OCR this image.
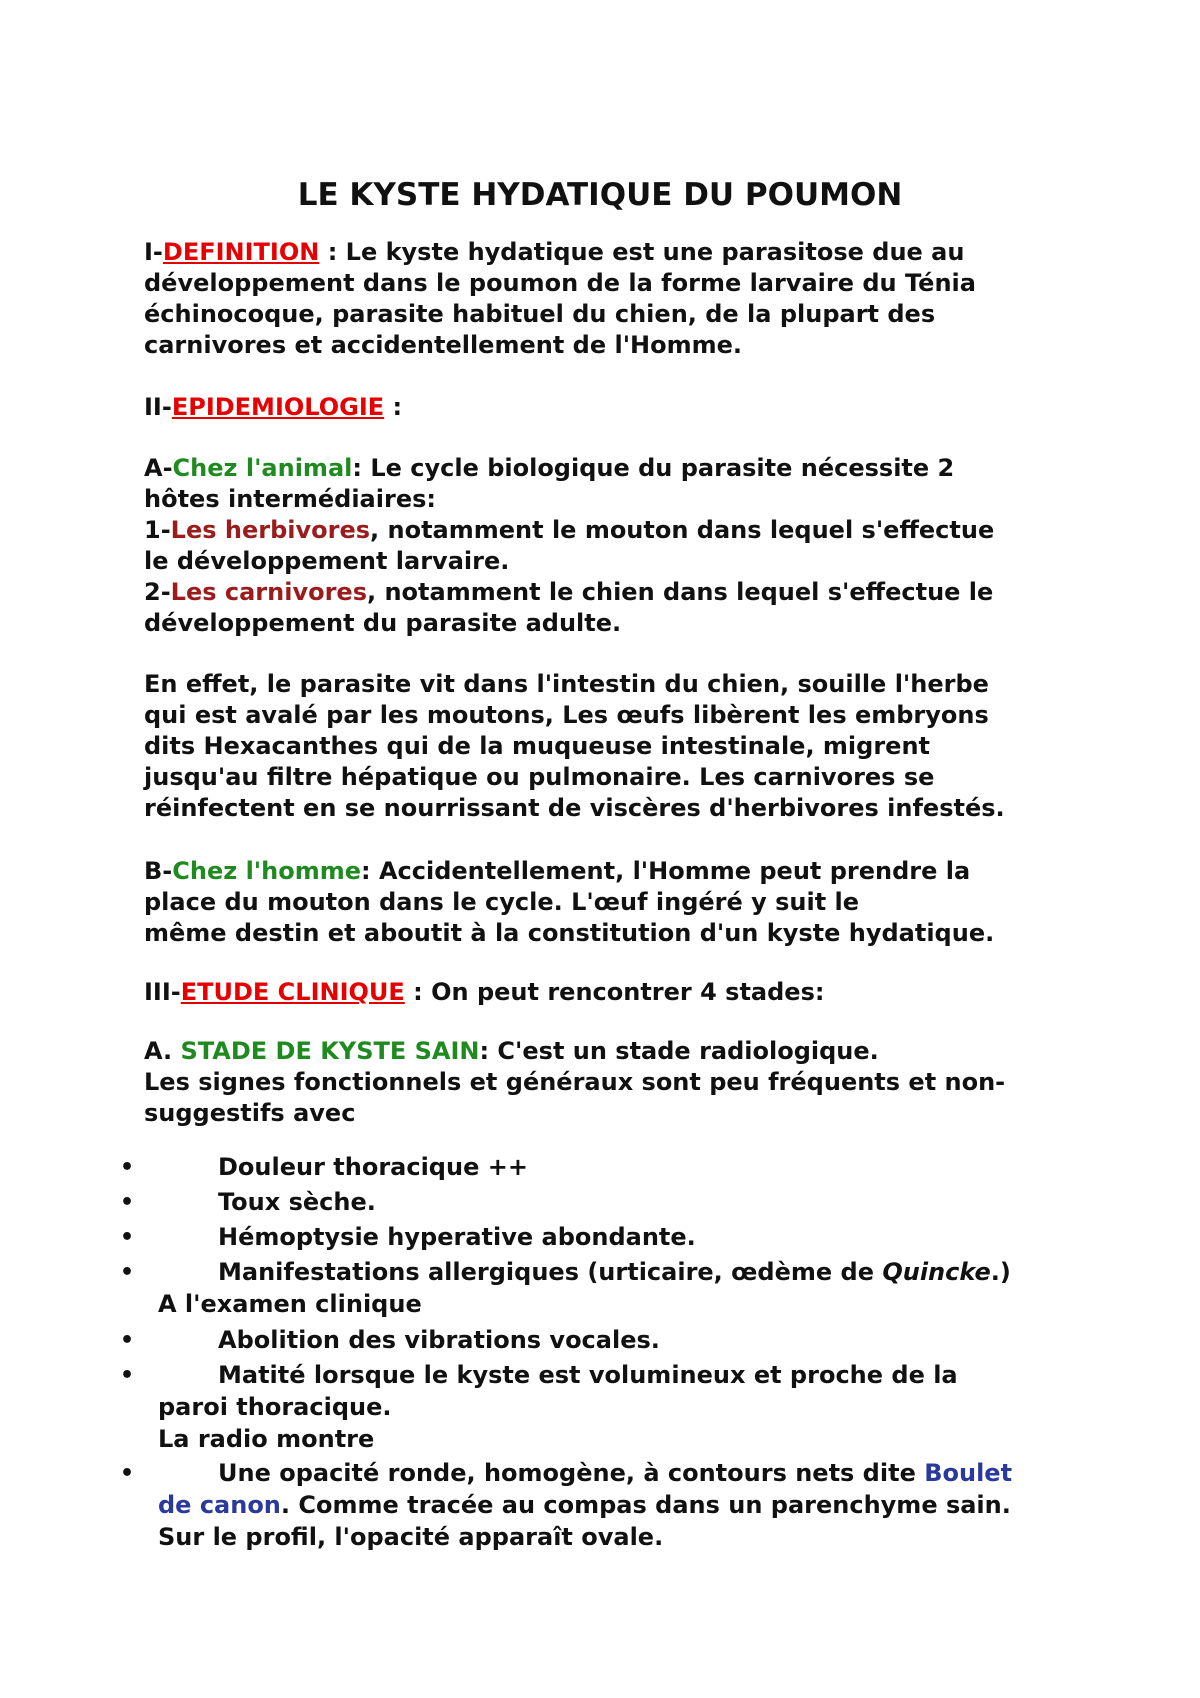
LE KYSTE HYDATIQUE DU POUMON
I-DEFINITION : Le kyste hydatique est une parasitose due au
développement dans le poumon de la forme larvaire du Ténia
échinocoque, parasite habituel du chien, de la plupart des
carnivores et accidentellement de l'Homme.
II-EPIDEMIOLOGIE :
A-Chez l'animal: Le cycle biologique du parasite nécessite 2
hôtes intermédiaires:
1-Les herbivores, notamment le mouton dans lequel s'effectue
le développement larvaire.
2-Les carnivores, notamment le chien dans lequel s'effectue le
développement du parasite adulte.
En effet, le parasite vit dans l'intestin du chien, souille l'herbe
qui est avalé par les moutons, Les œufs libèrent les embryons
dits Hexacanthes qui de la muqueuse intestinale, migrent
jusqu'au filtre hépatique ou pulmonaire. Les carnivores se
réinfectent en se nourrissant de viscères d'herbivores infestés.
B-Chez l'homme: Accidentellement, l'Homme peut prendre la
place du mouton dans le cycle. L'œuf ingéré y suit le
même destin et aboutit à la constitution d'un kyste hydatique.
III-ETUDE CLINIQUE : On peut rencontrer 4 stades:
A. STADE DE KYSTE SAIN: C'est un stade radiologique.
Les signes fonctionnels et généraux sont peu fréquents et non-
suggestifs avec
•	Douleur thoracique ++
•	Toux sèche.
•	Hémoptysie hyperative abondante.
•	Manifestations allergiques (urticaire, œdème de Quincke.)
A l'examen clinique
•	Abolition des vibrations vocales.
•	Matité lorsque le kyste est volumineux et proche de la
paroi thoracique.
La radio montre
•	Une opacité ronde, homogène, à contours nets dite Boulet
de canon. Comme tracée au compas dans un parenchyme sain.
Sur le profil, l'opacité apparaît ovale.
